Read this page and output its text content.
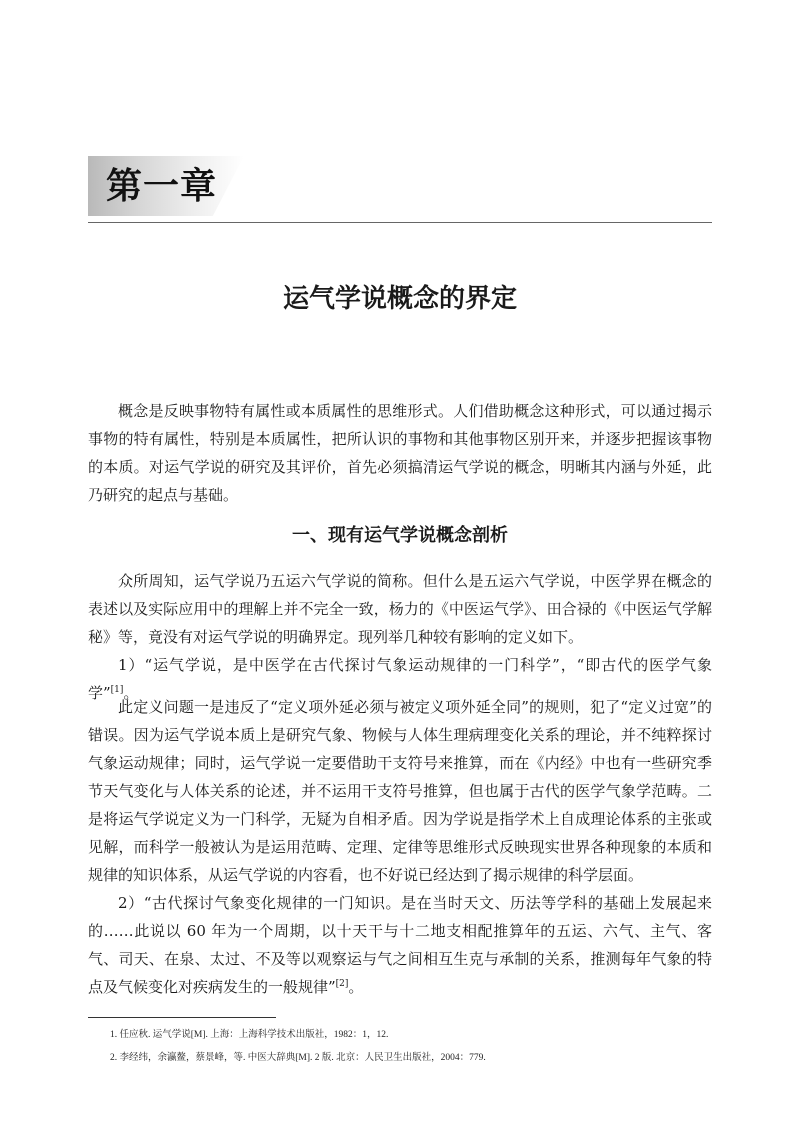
第一章
运气学说概念的界定

概念是反映事物特有属性或本质属性的思维形式。人们借助概念这种形式，可以通过揭示事物的特有属性，特别是本质属性，把所认识的事物和其他事物区别开来，并逐步把握该事物的本质。对运气学说的研究及其评价，首先必须搞清运气学说的概念，明晰其内涵与外延，此乃研究的起点与基础。

一、现有运气学说概念剖析

众所周知，运气学说乃五运六气学说的简称。但什么是五运六气学说，中医学界在概念的表述以及实际应用中的理解上并不完全一致，杨力的《中医运气学》、田合禄的《中医运气学解秘》等，竟没有对运气学说的明确界定。现列举几种较有影响的定义如下。

1）“运气学说，是中医学在古代探讨气象运动规律的一门科学”，“即古代的医学气象学”[1]。

此定义问题一是违反了“定义项外延必须与被定义项外延全同”的规则，犯了“定义过宽”的错误。因为运气学说本质上是研究气象、物候与人体生理病理变化关系的理论，并不纯粹探讨气象运动规律；同时，运气学说一定要借助干支符号来推算，而在《内经》中也有一些研究季节天气变化与人体关系的论述，并不运用干支符号推算，但也属于古代的医学气象学范畴。二是将运气学说定义为一门科学，无疑为自相矛盾。因为学说是指学术上自成理论体系的主张或见解，而科学一般被认为是运用范畴、定理、定律等思维形式反映现实世界各种现象的本质和规律的知识体系，从运气学说的内容看，也不好说已经达到了揭示规律的科学层面。

2）“古代探讨气象变化规律的一门知识。是在当时天文、历法等学科的基础上发展起来的……此说以 60 年为一个周期，以十天干与十二地支相配推算年的五运、六气、主气、客气、司天、在泉、太过、不及等以观察运与气之间相互生克与承制的关系，推测每年气象的特点及气候变化对疾病发生的一般规律”[2]。

1. 任应秋. 运气学说[M]. 上海：上海科学技术出版社，1982：1，12.
2. 李经纬，余瀛鳌，蔡景峰，等. 中医大辞典[M]. 2 版. 北京：人民卫生出版社，2004：779.
